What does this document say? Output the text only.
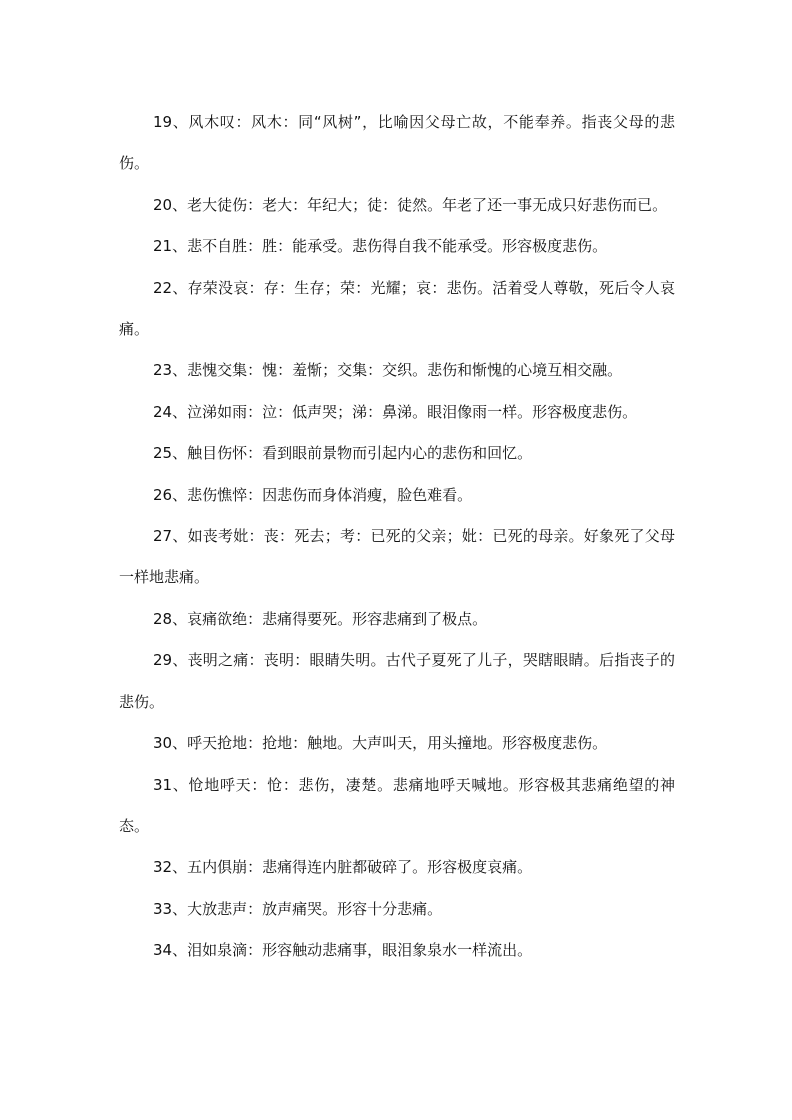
19、风木叹：风木：同“风树”，比喻因父母亡故，不能奉养。指丧父母的悲伤。

20、老大徒伤：老大：年纪大；徒：徒然。年老了还一事无成只好悲伤而已。

21、悲不自胜：胜：能承受。悲伤得自我不能承受。形容极度悲伤。

22、存荣没哀：存：生存；荣：光耀；哀：悲伤。活着受人尊敬，死后令人哀痛。

23、悲愧交集：愧：羞惭；交集：交织。悲伤和惭愧的心境互相交融。

24、泣涕如雨：泣：低声哭；涕：鼻涕。眼泪像雨一样。形容极度悲伤。

25、触目伤怀：看到眼前景物而引起内心的悲伤和回忆。

26、悲伤憔悴：因悲伤而身体消瘦，脸色难看。

27、如丧考妣：丧：死去；考：已死的父亲；妣：已死的母亲。好象死了父母一样地悲痛。

28、哀痛欲绝：悲痛得要死。形容悲痛到了极点。

29、丧明之痛：丧明：眼睛失明。古代子夏死了儿子，哭瞎眼睛。后指丧子的悲伤。

30、呼天抢地：抢地：触地。大声叫天，用头撞地。形容极度悲伤。

31、怆地呼天：怆：悲伤，凄楚。悲痛地呼天喊地。形容极其悲痛绝望的神态。

32、五内俱崩：悲痛得连内脏都破碎了。形容极度哀痛。

33、大放悲声：放声痛哭。形容十分悲痛。

34、泪如泉滴：形容触动悲痛事，眼泪象泉水一样流出。
